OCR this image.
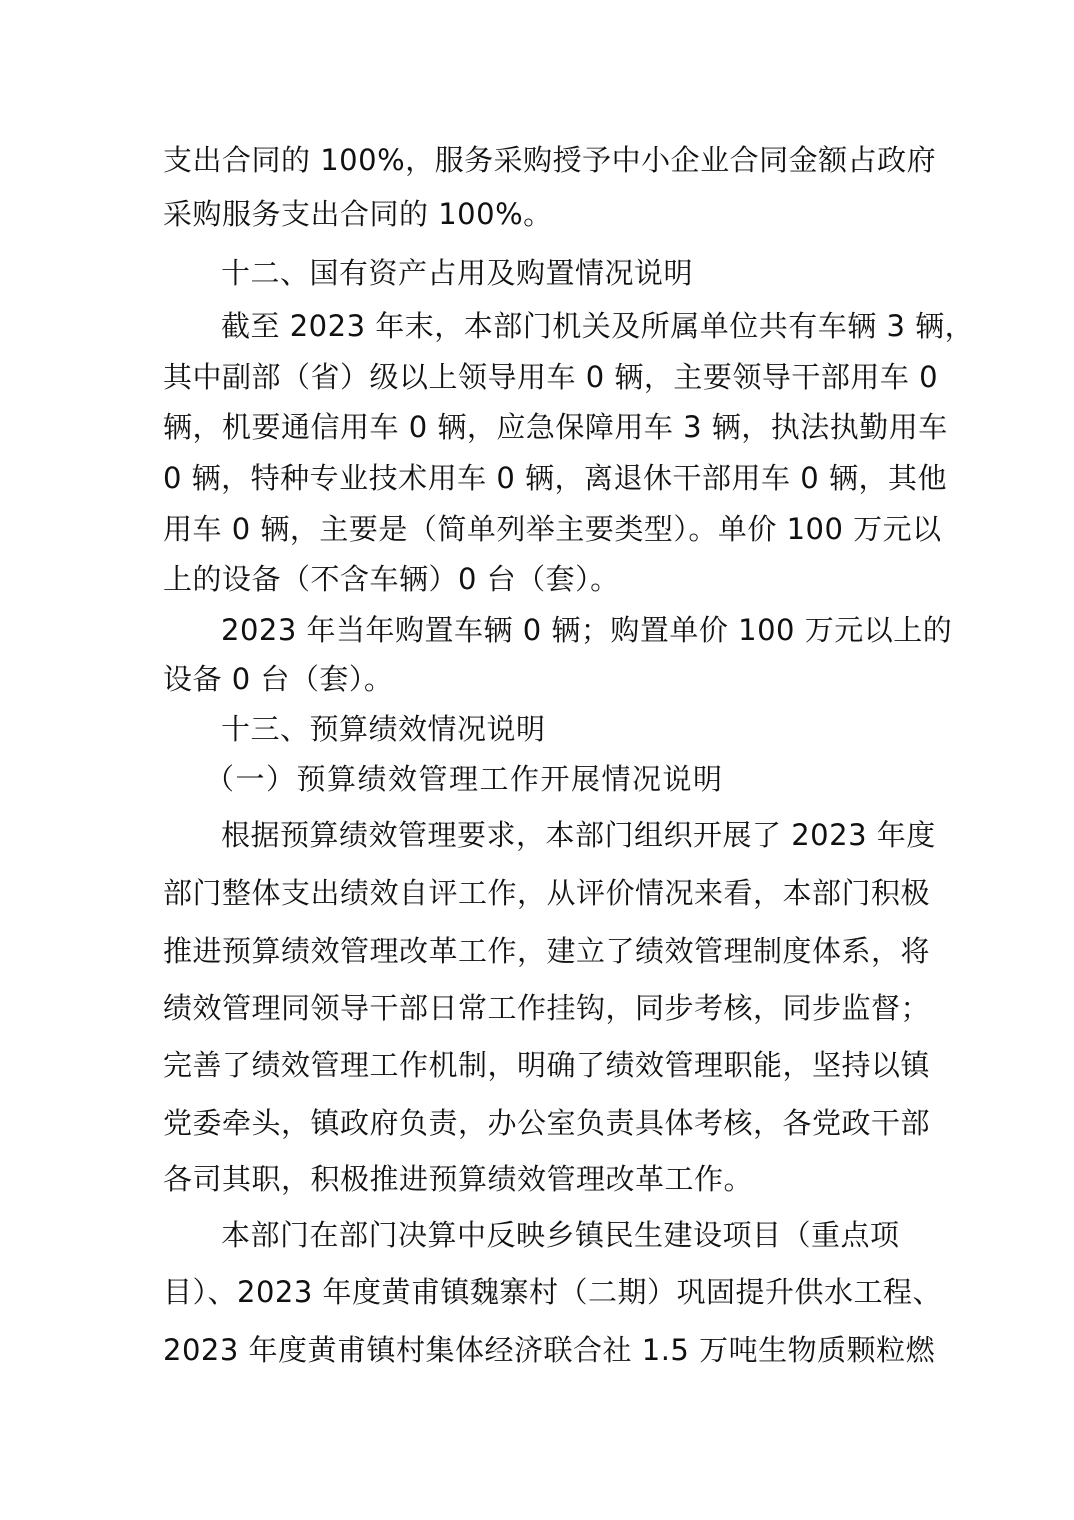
支出合同的 100%，服务采购授予中小企业合同金额占政府
采购服务支出合同的 100%。
十二、国有资产占用及购置情况说明
截至 2023 年末，本部门机关及所属单位共有车辆 3 辆，
其中副部（省）级以上领导用车 0 辆，主要领导干部用车 0
辆，机要通信用车 0 辆，应急保障用车 3 辆，执法执勤用车
0 辆，特种专业技术用车 0 辆，离退休干部用车 0 辆，其他
用车 0 辆，主要是（简单列举主要类型）。单价 100 万元以
上的设备（不含车辆）0 台（套）。
2023 年当年购置车辆 0 辆；购置单价 100 万元以上的
设备 0 台（套）。
十三、预算绩效情况说明
（一）预算绩效管理工作开展情况说明
根据预算绩效管理要求，本部门组织开展了 2023 年度
部门整体支出绩效自评工作，从评价情况来看，本部门积极
推进预算绩效管理改革工作，建立了绩效管理制度体系，将
绩效管理同领导干部日常工作挂钩，同步考核，同步监督；
完善了绩效管理工作机制，明确了绩效管理职能，坚持以镇
党委牵头，镇政府负责，办公室负责具体考核，各党政干部
各司其职，积极推进预算绩效管理改革工作。
本部门在部门决算中反映乡镇民生建设项目（重点项
目）、2023 年度黄甫镇魏寨村（二期）巩固提升供水工程、
2023 年度黄甫镇村集体经济联合社 1.5 万吨生物质颗粒燃
